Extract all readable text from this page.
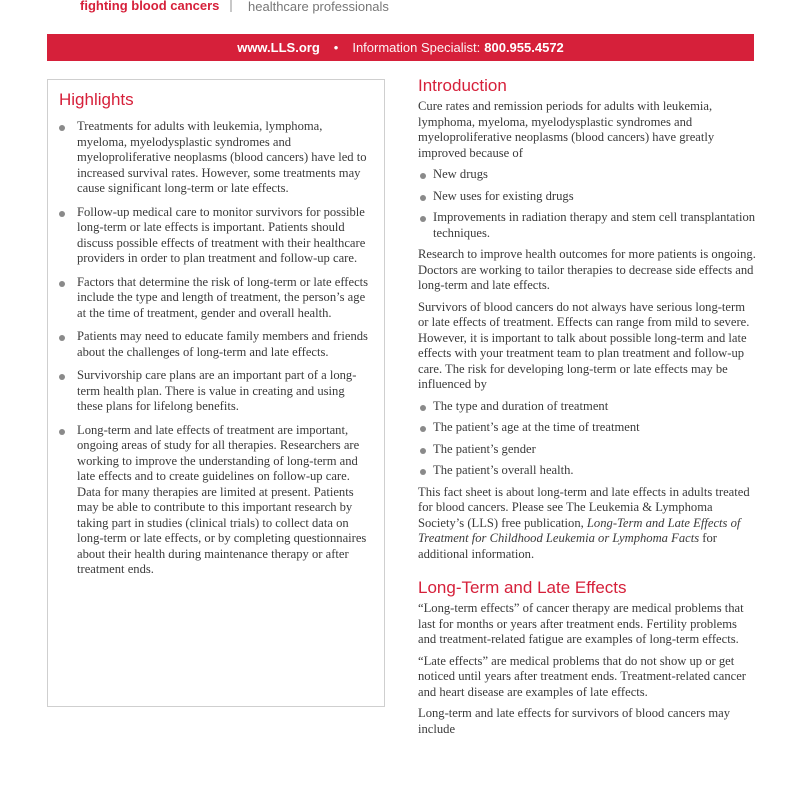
fighting blood cancers healthcare professionals
www.LLS.org • Information Specialist: 800.955.4572
Highlights
Treatments for adults with leukemia, lymphoma, myeloma, myelodysplastic syndromes and myeloproliferative neoplasms (blood cancers) have led to increased survival rates. However, some treatments may cause significant long-term or late effects.
Follow-up medical care to monitor survivors for possible long-term or late effects is important. Patients should discuss possible effects of treatment with their healthcare providers in order to plan treatment and follow-up care.
Factors that determine the risk of long-term or late effects include the type and length of treatment, the person’s age at the time of treatment, gender and overall health.
Patients may need to educate family members and friends about the challenges of long-term and late effects.
Survivorship care plans are an important part of a long-term health plan. There is value in creating and using these plans for lifelong benefits.
Long-term and late effects of treatment are important, ongoing areas of study for all therapies. Researchers are working to improve the understanding of long-term and late effects and to create guidelines on follow-up care. Data for many therapies are limited at present. Patients may be able to contribute to this important research by taking part in studies (clinical trials) to collect data on long-term or late effects, or by completing questionnaires about their health during maintenance therapy or after treatment ends.
Introduction

Cure rates and remission periods for adults with leukemia, lymphoma, myeloma, myelodysplastic syndromes and myeloproliferative neoplasms (blood cancers) have greatly improved because of

New drugs
New uses for existing drugs
Improvements in radiation therapy and stem cell transplantation techniques.

Research to improve health outcomes for more patients is ongoing. Doctors are working to tailor therapies to decrease side effects and long-term and late effects.

Survivors of blood cancers do not always have serious long-term or late effects of treatment. Effects can range from mild to severe. However, it is important to talk about possible long-term and late effects with your treatment team to plan treatment and follow-up care. The risk for developing long-term or late effects may be influenced by

The type and duration of treatment
The patient’s age at the time of treatment
The patient’s gender
The patient’s overall health.

This fact sheet is about long-term and late effects in adults treated for blood cancers. Please see The Leukemia & Lymphoma Society’s (LLS) free publication, Long-Term and Late Effects of Treatment for Childhood Leukemia or Lymphoma Facts for additional information.

Long-Term and Late Effects

“Long-term effects” of cancer therapy are medical problems that last for months or years after treatment ends. Fertility problems and treatment-related fatigue are examples of long-term effects.

“Late effects” are medical problems that do not show up or get noticed until years after treatment ends. Treatment-related cancer and heart disease are examples of late effects.

Long-term and late effects for survivors of blood cancers may include
